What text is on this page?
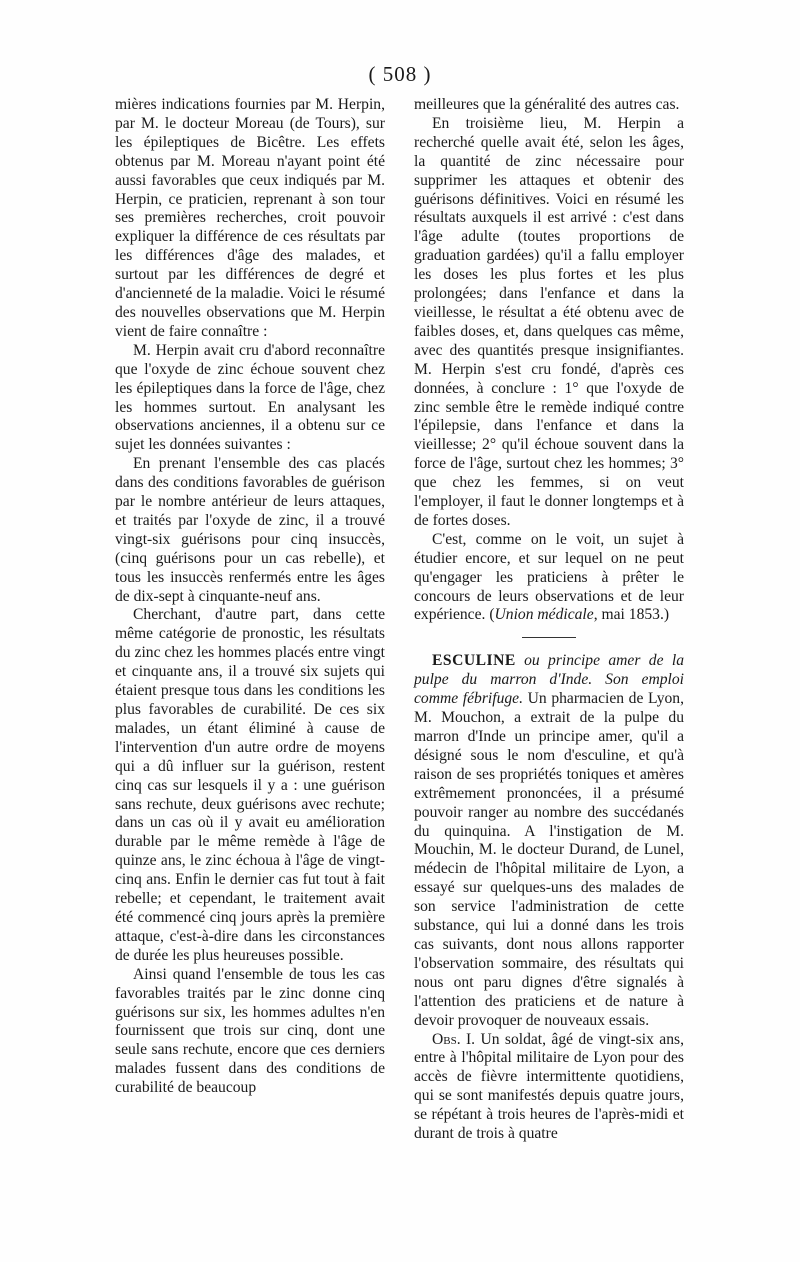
( 508 )

mières indications fournies par M. Herpin, par M. le docteur Moreau (de Tours), sur les épileptiques de Bicêtre. Les effets obtenus par M. Moreau n'ayant point été aussi favorables que ceux indiqués par M. Herpin, ce praticien, reprenant à son tour ses premières recherches, croit pouvoir expliquer la différence de ces résultats par les différences d'âge des malades, et surtout par les différences de degré et d'ancienneté de la maladie. Voici le résumé des nouvelles observations que M. Herpin vient de faire connaître :

M. Herpin avait cru d'abord reconnaître que l'oxyde de zinc échoue souvent chez les épileptiques dans la force de l'âge, chez les hommes surtout. En analysant les observations anciennes, il a obtenu sur ce sujet les données suivantes :

En prenant l'ensemble des cas placés dans des conditions favorables de guérison par le nombre antérieur de leurs attaques, et traités par l'oxyde de zinc, il a trouvé vingt-six guérisons pour cinq insuccès, (cinq guérisons pour un cas rebelle), et tous les insuccès renfermés entre les âges de dix-sept à cinquante-neuf ans.

Cherchant, d'autre part, dans cette même catégorie de pronostic, les résultats du zinc chez les hommes placés entre vingt et cinquante ans, il a trouvé six sujets qui étaient presque tous dans les conditions les plus favorables de curabilité. De ces six malades, un étant éliminé à cause de l'intervention d'un autre ordre de moyens qui a dû influer sur la guérison, restent cinq cas sur lesquels il y a : une guérison sans rechute, deux guérisons avec rechute; dans un cas où il y avait eu amélioration durable par le même remède à l'âge de quinze ans, le zinc échoua à l'âge de vingt-cinq ans. Enfin le dernier cas fut tout à fait rebelle; et cependant, le traitement avait été commencé cinq jours après la première attaque, c'est-à-dire dans les circonstances de durée les plus heureuses possible.

Ainsi quand l'ensemble de tous les cas favorables traités par le zinc donne cinq guérisons sur six, les hommes adultes n'en fournissent que trois sur cinq, dont une seule sans rechute, encore que ces derniers malades fussent dans des conditions de curabilité de beaucoup

meilleures que la généralité des autres cas.

En troisième lieu, M. Herpin a recherché quelle avait été, selon les âges, la quantité de zinc nécessaire pour supprimer les attaques et obtenir des guérisons définitives. Voici en résumé les résultats auxquels il est arrivé : c'est dans l'âge adulte (toutes proportions de graduation gardées) qu'il a fallu employer les doses les plus fortes et les plus prolongées; dans l'enfance et dans la vieillesse, le résultat a été obtenu avec de faibles doses, et, dans quelques cas même, avec des quantités presque insignifiantes. M. Herpin s'est cru fondé, d'après ces données, à conclure : 1° que l'oxyde de zinc semble être le remède indiqué contre l'épilepsie, dans l'enfance et dans la vieillesse; 2° qu'il échoue souvent dans la force de l'âge, surtout chez les hommes; 3° que chez les femmes, si on veut l'employer, il faut le donner longtemps et à de fortes doses.

C'est, comme on le voit, un sujet à étudier encore, et sur lequel on ne peut qu'engager les praticiens à prêter le concours de leurs observations et de leur expérience. (Union médicale, mai 1853.)

ESCULINE ou principe amer de la pulpe du marron d'Inde. Son emploi comme fébrifuge. Un pharmacien de Lyon, M. Mouchon, a extrait de la pulpe du marron d'Inde un principe amer, qu'il a désigné sous le nom d'esculine, et qu'à raison de ses propriétés toniques et amères extrêmement prononcées, il a présumé pouvoir ranger au nombre des succédanés du quinquina. A l'instigation de M. Mouchin, M. le docteur Durand, de Lunel, médecin de l'hôpital militaire de Lyon, a essayé sur quelques-uns des malades de son service l'administration de cette substance, qui lui a donné dans les trois cas suivants, dont nous allons rapporter l'observation sommaire, des résultats qui nous ont paru dignes d'être signalés à l'attention des praticiens et de nature à devoir provoquer de nouveaux essais.

Obs. I. Un soldat, âgé de vingt-six ans, entre à l'hôpital militaire de Lyon pour des accès de fièvre intermittente quotidiens, qui se sont manifestés depuis quatre jours, se répétant à trois heures de l'après-midi et durant de trois à quatre
